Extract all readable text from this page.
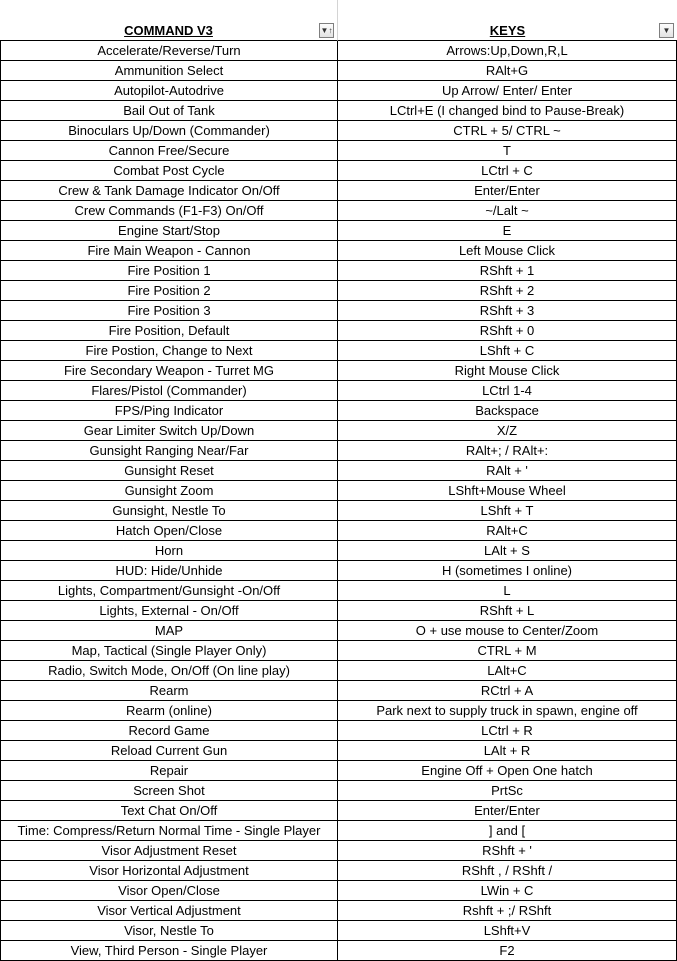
COMMAND V3	▼↑	KEYS	▼
Accelerate/Reverse/Turn	Arrows:Up,Down,R,L
Ammunition Select	RAlt+G
Autopilot-Autodrive	Up Arrow/ Enter/ Enter
Bail Out of Tank	LCtrl+E (I changed bind to Pause-Break)
Binoculars Up/Down (Commander)	CTRL + 5/ CTRL ~
Cannon Free/Secure	T
Combat Post Cycle	LCtrl + C
Crew & Tank Damage Indicator On/Off	Enter/Enter
Crew Commands (F1-F3) On/Off	~/Lalt ~
Engine Start/Stop	E
Fire Main Weapon - Cannon	Left Mouse Click
Fire Position 1	RShft + 1
Fire Position 2	RShft + 2
Fire Position 3	RShft + 3
Fire Position, Default	RShft + 0
Fire Postion, Change to Next	LShft + C
Fire Secondary Weapon - Turret MG	Right Mouse Click
Flares/Pistol (Commander)	LCtrl 1-4
FPS/Ping Indicator	Backspace
Gear Limiter Switch Up/Down	X/Z
Gunsight Ranging Near/Far	RAlt+; / RAlt+:
Gunsight Reset	RAlt + '
Gunsight Zoom	LShft+Mouse Wheel
Gunsight, Nestle To	LShft + T
Hatch Open/Close	RAlt+C
Horn	LAlt + S
HUD: Hide/Unhide	H (sometimes I online)
Lights, Compartment/Gunsight -On/Off	L
Lights, External - On/Off	RShft + L
MAP	O + use mouse to Center/Zoom
Map, Tactical (Single Player Only)	CTRL + M
Radio, Switch Mode, On/Off (On line play)	LAlt+C
Rearm	RCtrl + A
Rearm (online)	Park next to supply truck in spawn, engine off
Record Game	LCtrl + R
Reload Current Gun	LAlt + R
Repair	Engine Off + Open One hatch
Screen Shot	PrtSc
Text Chat On/Off	Enter/Enter
Time: Compress/Return Normal Time - Single Player	] and [
Visor Adjustment Reset	RShft + '
Visor Horizontal Adjustment	RShft , / RShft /
Visor Open/Close	LWin + C
Visor Vertical Adjustment	Rshft + ;/ RShft
Visor, Nestle To	LShft+V
View, Third Person - Single Player	F2
